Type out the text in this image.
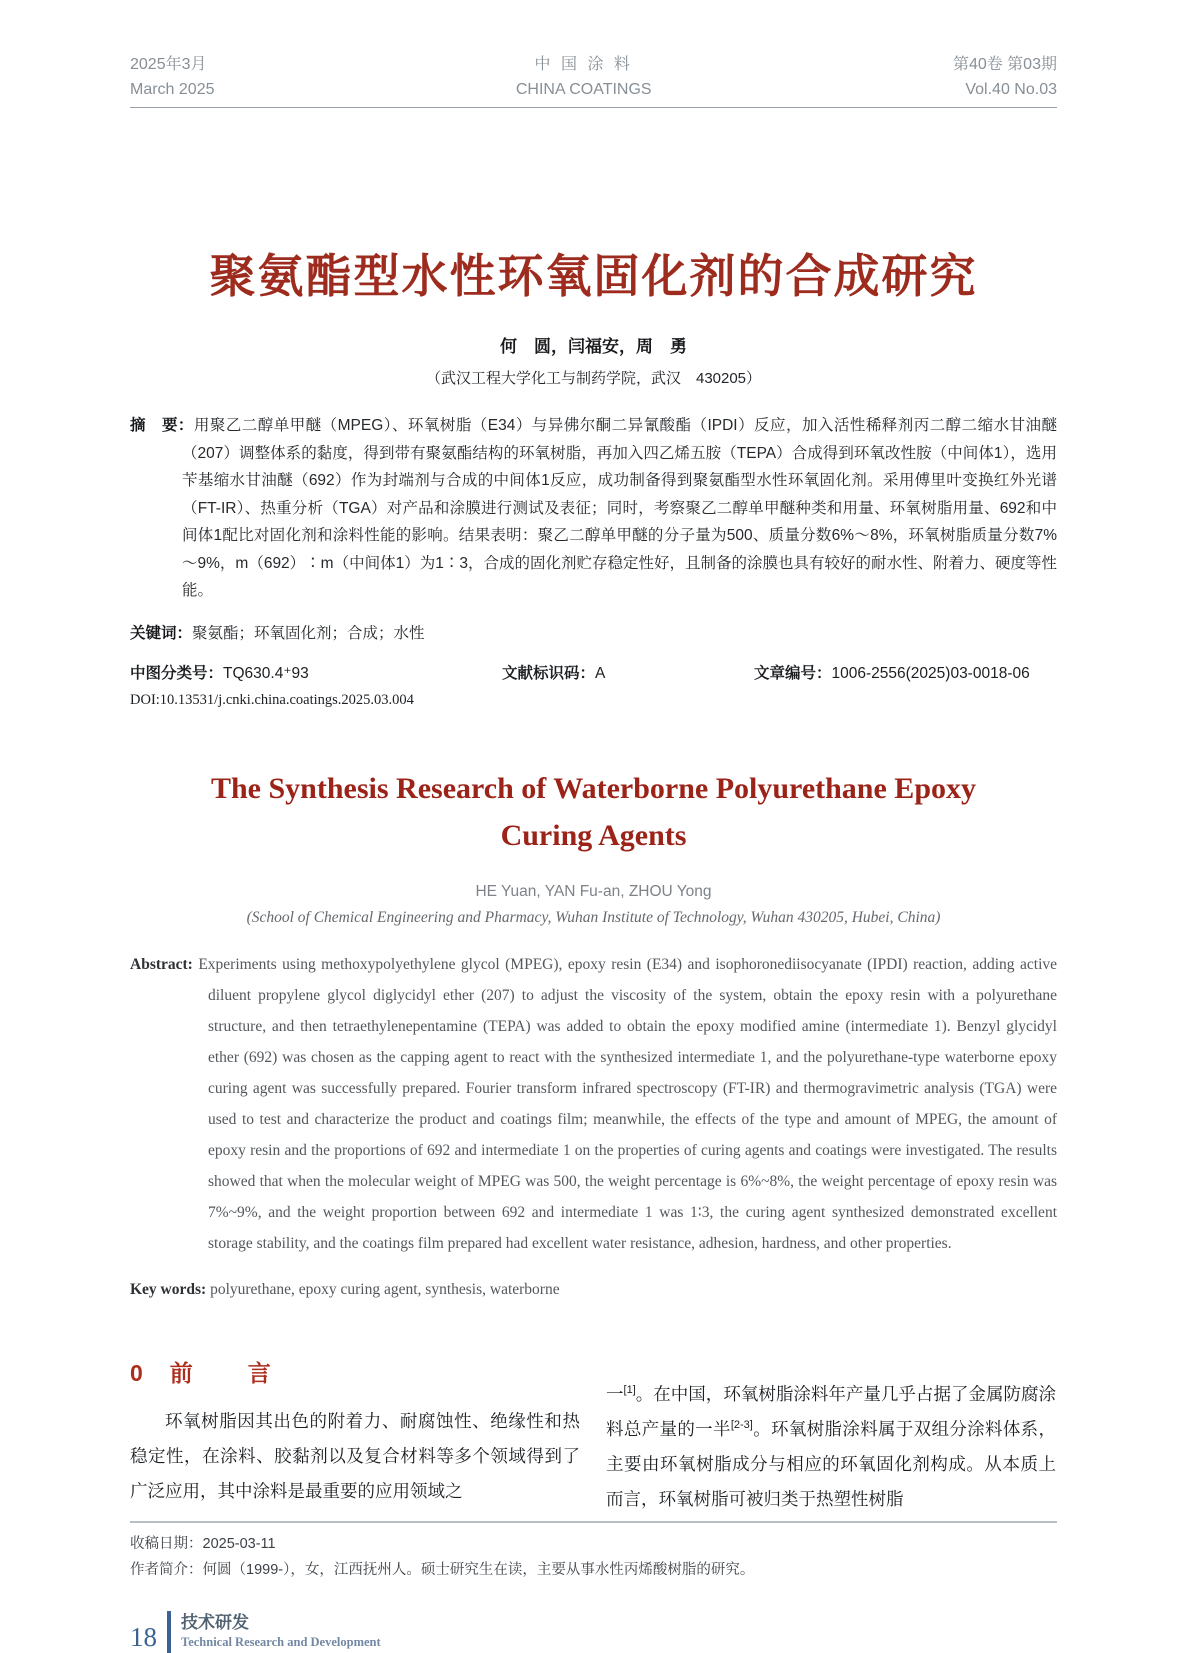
2025年3月
March 2025
中 国 涂 料
CHINA COATINGS
第40卷 第03期
Vol.40 No.03
聚氨酯型水性环氧固化剂的合成研究
何　圆，闫福安，周　勇
（武汉工程大学化工与制药学院，武汉　430205）

摘　要：用聚乙二醇单甲醚（MPEG）、环氧树脂（E34）与异佛尔酮二异氰酸酯（IPDI）反应，加入活性稀释剂丙二醇二缩水甘油醚（207）调整体系的黏度，得到带有聚氨酯结构的环氧树脂，再加入四乙烯五胺（TEPA）合成得到环氧改性胺（中间体1），选用苄基缩水甘油醚（692）作为封端剂与合成的中间体1反应，成功制备得到聚氨酯型水性环氧固化剂。采用傅里叶变换红外光谱（FT-IR）、热重分析（TGA）对产品和涂膜进行测试及表征；同时，考察聚乙二醇单甲醚种类和用量、环氧树脂用量、692和中间体1配比对固化剂和涂料性能的影响。结果表明：聚乙二醇单甲醚的分子量为500、质量分数6%～8%，环氧树脂质量分数7%～9%，m（692）∶m（中间体1）为1∶3，合成的固化剂贮存稳定性好，且制备的涂膜也具有较好的耐水性、附着力、硬度等性能。

关键词：聚氨酯；环氧固化剂；合成；水性
中图分类号：TQ630.4⁺93	文献标识码：A	文章编号：1006-2556(2025)03-0018-06
DOI:10.13531/j.cnki.china.coatings.2025.03.004
The Synthesis Research of Waterborne Polyurethane Epoxy
Curing Agents
HE Yuan, YAN Fu-an, ZHOU Yong
(School of Chemical Engineering and Pharmacy, Wuhan Institute of Technology, Wuhan 430205, Hubei, China)

Abstract: Experiments using methoxypolyethylene glycol (MPEG), epoxy resin (E34) and isophoronediisocyanate (IPDI) reaction, adding active diluent propylene glycol diglycidyl ether (207) to adjust the viscosity of the system, obtain the epoxy resin with a polyurethane structure, and then tetraethylenepentamine (TEPA) was added to obtain the epoxy modified amine (intermediate 1). Benzyl glycidyl ether (692) was chosen as the capping agent to react with the synthesized intermediate 1, and the polyurethane-type waterborne epoxy curing agent was successfully prepared. Fourier transform infrared spectroscopy (FT-IR) and thermogravimetric analysis (TGA) were used to test and characterize the product and coatings film; meanwhile, the effects of the type and amount of MPEG, the amount of epoxy resin and the proportions of 692 and intermediate 1 on the properties of curing agents and coatings were investigated. The results showed that when the molecular weight of MPEG was 500, the weight percentage is 6%~8%, the weight percentage of epoxy resin was 7%~9%, and the weight proportion between 692 and intermediate 1 was 1∶3, the curing agent synthesized demonstrated excellent storage stability, and the coatings film prepared had excellent water resistance, adhesion, hardness, and other properties.

Key words: polyurethane, epoxy curing agent, synthesis, waterborne
0 前　言

环氧树脂因其出色的附着力、耐腐蚀性、绝缘性和热稳定性，在涂料、胶黏剂以及复合材料等多个领域得到了广泛应用，其中涂料是最重要的应用领域之

一[1]。在中国，环氧树脂涂料年产量几乎占据了金属防腐涂料总产量的一半[2-3]。环氧树脂涂料属于双组分涂料体系，主要由环氧树脂成分与相应的环氧固化剂构成。从本质上而言，环氧树脂可被归类于热塑性树脂

收稿日期：2025-03-11
作者简介：何圆（1999-），女，江西抚州人。硕士研究生在读，主要从事水性丙烯酸树脂的研究。
18 技术研发
Technical Research and Development
